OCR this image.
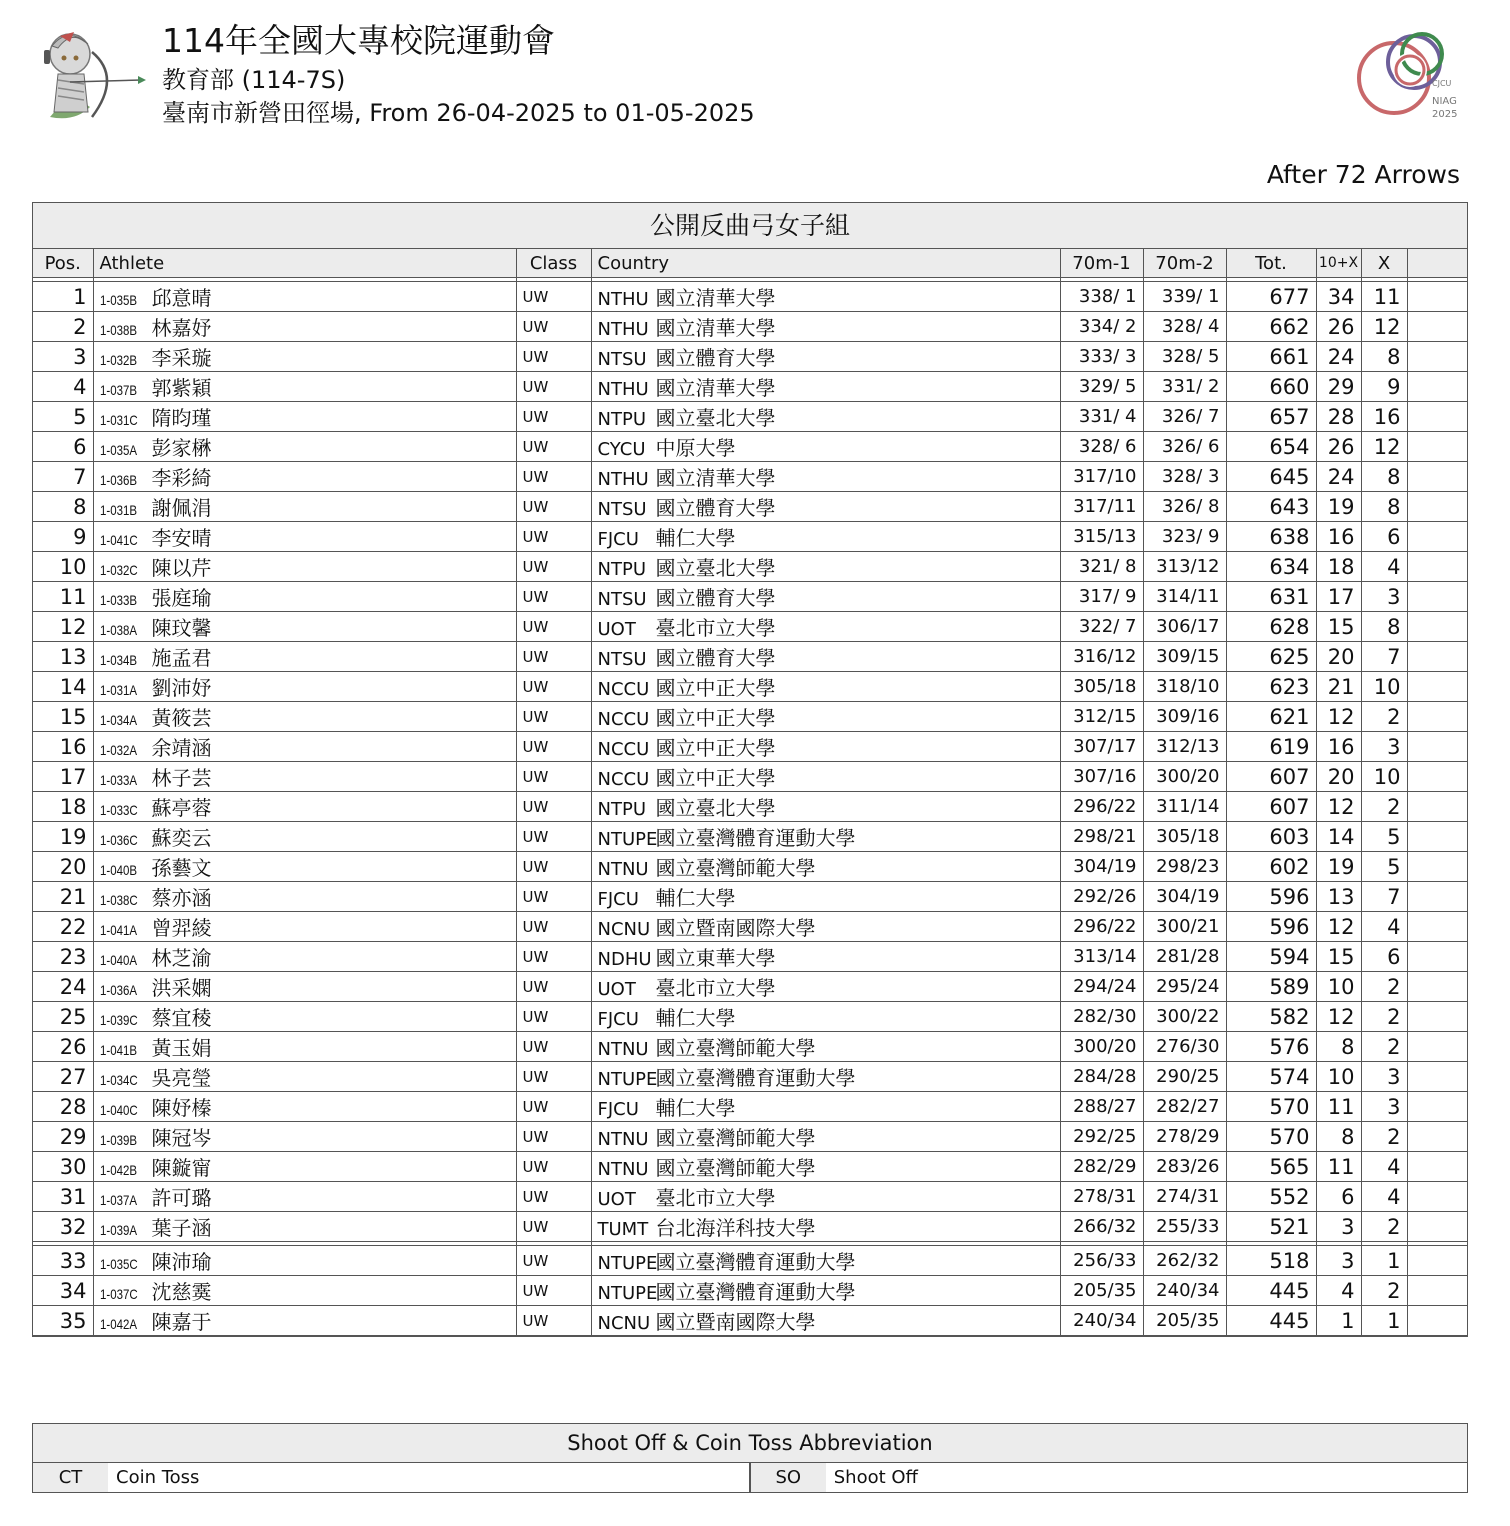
114年全國大專校院運動會
教育部 (114-7S)
臺南市新營田徑場, From 26-04-2025 to 01-05-2025
CJCU
NIAG
2025
After 72 Arrows
公開反曲弓女子組
Pos.	Athlete	Class	Country	70m-1	70m-2	Tot.	10+X	X	

1	1-035B 邱意晴	UW	NTHU 國立清華大學	338/ 1	339/ 1	677	34	11	
2	1-038B 林嘉妤	UW	NTHU 國立清華大學	334/ 2	328/ 4	662	26	12	
3	1-032B 李采璇	UW	NTSU 國立體育大學	333/ 3	328/ 5	661	24	8	
4	1-037B 郭紫穎	UW	NTHU 國立清華大學	329/ 5	331/ 2	660	29	9	
5	1-031C 隋昀瑾	UW	NTPU 國立臺北大學	331/ 4	326/ 7	657	28	16	
6	1-035A 彭家楙	UW	CYCU 中原大學	328/ 6	326/ 6	654	26	12	
7	1-036B 李彩綺	UW	NTHU 國立清華大學	317/10	328/ 3	645	24	8	
8	1-031B 謝佩涓	UW	NTSU 國立體育大學	317/11	326/ 8	643	19	8	
9	1-041C 李安晴	UW	FJCU 輔仁大學	315/13	323/ 9	638	16	6	
10	1-032C 陳以芹	UW	NTPU 國立臺北大學	321/ 8	313/12	634	18	4	
11	1-033B 張庭瑜	UW	NTSU 國立體育大學	317/ 9	314/11	631	17	3	
12	1-038A 陳玟馨	UW	UOT 臺北市立大學	322/ 7	306/17	628	15	8	
13	1-034B 施孟君	UW	NTSU 國立體育大學	316/12	309/15	625	20	7	
14	1-031A 劉沛妤	UW	NCCU 國立中正大學	305/18	318/10	623	21	10	
15	1-034A 黃筱芸	UW	NCCU 國立中正大學	312/15	309/16	621	12	2	
16	1-032A 余靖涵	UW	NCCU 國立中正大學	307/17	312/13	619	16	3	
17	1-033A 林子芸	UW	NCCU 國立中正大學	307/16	300/20	607	20	10	
18	1-033C 蘇亭蓉	UW	NTPU 國立臺北大學	296/22	311/14	607	12	2	
19	1-036C 蘇奕云	UW	NTUPE國立臺灣體育運動大學	298/21	305/18	603	14	5	
20	1-040B 孫藝文	UW	NTNU 國立臺灣師範大學	304/19	298/23	602	19	5	
21	1-038C 蔡亦涵	UW	FJCU 輔仁大學	292/26	304/19	596	13	7	
22	1-041A 曾羿綾	UW	NCNU 國立暨南國際大學	296/22	300/21	596	12	4	
23	1-040A 林芝渝	UW	NDHU 國立東華大學	313/14	281/28	594	15	6	
24	1-036A 洪采嫻	UW	UOT 臺北市立大學	294/24	295/24	589	10	2	
25	1-039C 蔡宜稜	UW	FJCU 輔仁大學	282/30	300/22	582	12	2	
26	1-041B 黃玉娟	UW	NTNU 國立臺灣師範大學	300/20	276/30	576	8	2	
27	1-034C 吳亮瑩	UW	NTUPE國立臺灣體育運動大學	284/28	290/25	574	10	3	
28	1-040C 陳妤榛	UW	FJCU 輔仁大學	288/27	282/27	570	11	3	
29	1-039B 陳冠岑	UW	NTNU 國立臺灣師範大學	292/25	278/29	570	8	2	
30	1-042B 陳鏇甯	UW	NTNU 國立臺灣師範大學	282/29	283/26	565	11	4	
31	1-037A 許可璐	UW	UOT 臺北市立大學	278/31	274/31	552	6	4	
32	1-039A 葉子涵	UW	TUMT 台北海洋科技大學	266/32	255/33	521	3	2	

33	1-035C 陳沛瑜	UW	NTUPE國立臺灣體育運動大學	256/33	262/32	518	3	1	
34	1-037C 沈慈霙	UW	NTUPE國立臺灣體育運動大學	205/35	240/34	445	4	2	
35	1-042A 陳嘉于	UW	NCNU 國立暨南國際大學	240/34	205/35	445	1	1	
Shoot Off & Coin Toss Abbreviation
CT	Coin Toss	SO	Shoot Off
